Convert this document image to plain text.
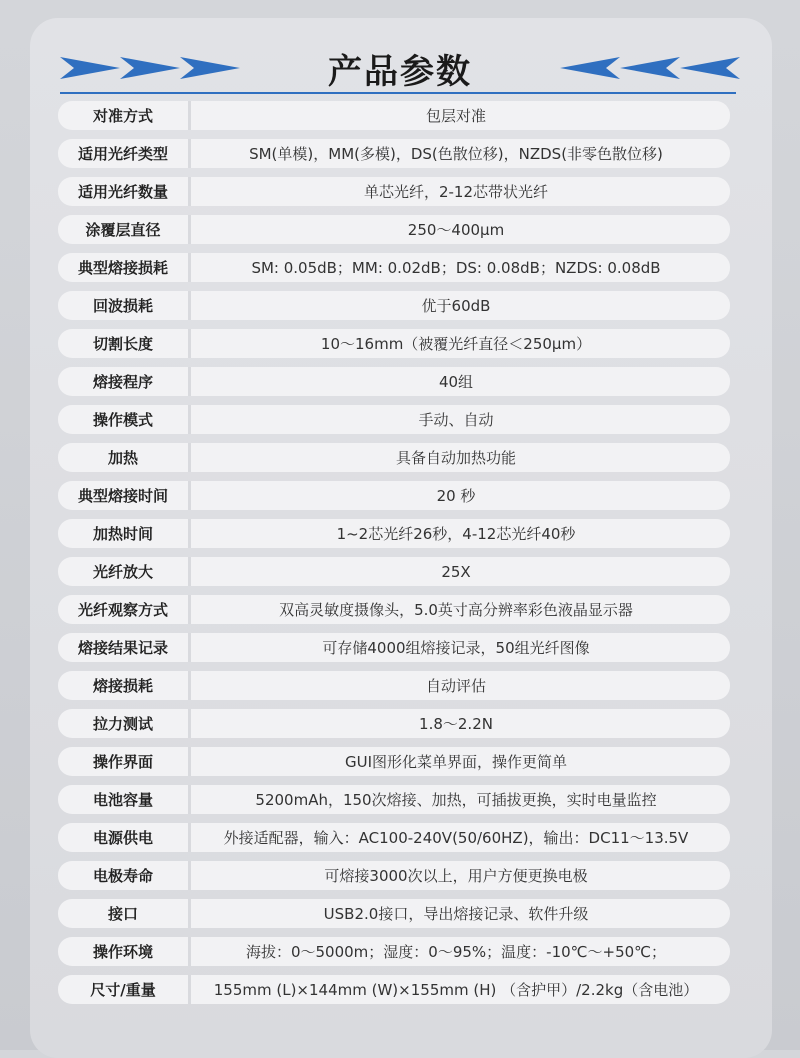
产品参数
对准方式	包层对准
适用光纤类型	SM(单模)，MM(多模)，DS(色散位移)，NZDS(非零色散位移)
适用光纤数量	单芯光纤，2-12芯带状光纤
涂覆层直径	250～400μm
典型熔接损耗	SM: 0.05dB；MM: 0.02dB；DS: 0.08dB；NZDS: 0.08dB
回波损耗	优于60dB
切割长度	10～16mm（被覆光纤直径＜250μm）
熔接程序	40组
操作模式	手动、自动
加热	具备自动加热功能
典型熔接时间	20 秒
加热时间	1~2芯光纤26秒，4-12芯光纤40秒
光纤放大	25X
光纤观察方式	双高灵敏度摄像头，5.0英寸高分辨率彩色液晶显示器
熔接结果记录	可存储4000组熔接记录，50组光纤图像
熔接损耗	自动评估
拉力测试	1.8～2.2N
操作界面	GUI图形化菜单界面，操作更简单
电池容量	5200mAh，150次熔接、加热，可插拔更换，实时电量监控
电源供电	外接适配器，输入：AC100-240V(50/60HZ)，输出：DC11～13.5V
电极寿命	可熔接3000次以上，用户方便更换电极
接口	USB2.0接口，导出熔接记录、软件升级
操作环境	海拔：0～5000m；湿度：0～95%；温度：-10℃～+50℃；
尺寸/重量	155mm (L)×144mm (W)×155mm (H) （含护甲）/2.2kg（含电池）
